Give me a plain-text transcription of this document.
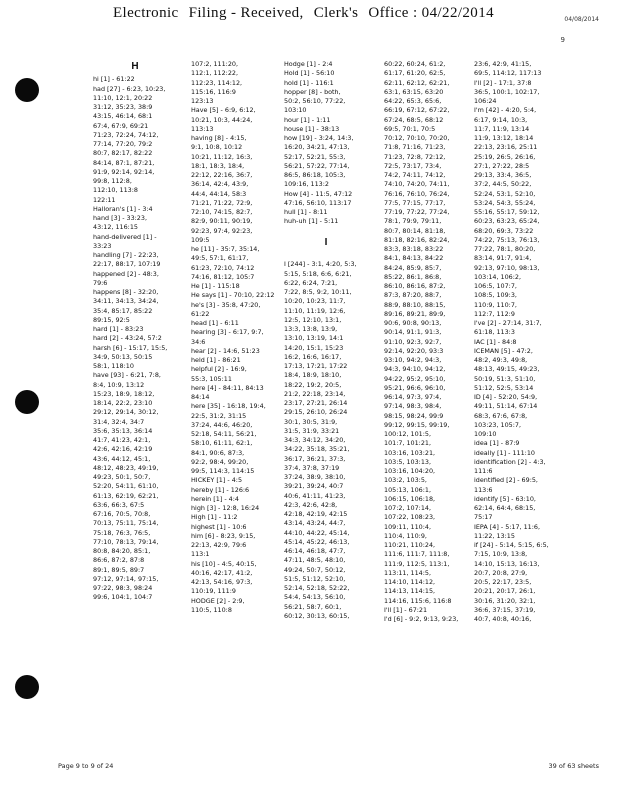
Electronic Filing - Received, Clerk's Office : 04/22/2014	04/08/2014
9
H
hi [1] - 61:22
had [27] - 6:23, 10:23,
11:10, 12:1, 20:22
31:12, 35:23, 38:9
43:15, 46:14, 68:1
67:4, 67:9, 69:21
71:23, 72:24, 74:12,
77:14, 77:20, 79:2
80:7, 82:17, 82:22
84:14, 87:1, 87:21,
91:9, 92:14, 92:14,
99:8, 112:8,
112:10, 113:8
122:11
Halloran's [1] - 3:4
hand [3] - 33:23,
43:12, 116:15
hand-delivered [1] -
33:23
handling [7] - 22:23,
22:17, 88:17, 107:19
happened [2] - 48:3,
79:6
happens [8] - 32:20,
34:11, 34:13, 34:24,
35:4, 85:17, 85:22
89:15, 92:5
hard [1] - 83:23
hard [2] - 43:24, 57:2
harsh [6] - 15:17, 15:5,
34:9, 50:13, 50:15
58:1, 118:10
have [93] - 6:21, 7:8,
8:4, 10:9, 13:12
15:23, 18:9, 18:12,
18:14, 22:2, 23:10
29:12, 29:14, 30:12,
31:4, 32:4, 34:7
35:6, 35:13, 36:14
41:7, 41:23, 42:1,
42:6, 42:16, 42:19
43:6, 44:12, 45:1,
48:12, 48:23, 49:19,
49:23, 50:1, 50:7,
52:20, 54:11, 61:10,
61:13, 62:19, 62:21,
63:6, 66:3, 67:5
67:16, 70:5, 70:8,
70:13, 75:11, 75:14,
75:18, 76:3, 76:5,
77:10, 78:13, 79:14,
80:8, 84:20, 85:1,
86:6, 87:2, 87:8
89:1, 89:5, 89:7
97:12, 97:14, 97:15,
97:22, 98:3, 98:24
99:6, 104:1, 104:7
107:2, 111:20,
112:1, 112:22,
112:23, 114:12,
115:16, 116:9
123:13
Have [5] - 6:9, 6:12,
10:21, 10:3, 44:24,
113:13
having [8] - 4:15,
9:1, 10:8, 10:12
10:21, 11:12, 16:3,
18:1, 18:3, 18:4,
22:12, 22:16, 36:7,
36:14, 42:4, 43:9,
44:4, 44:14, 58:3
71:21, 71:22, 72:9,
72:10, 74:15, 82:7,
82:9, 90:11, 90:19,
92:23, 97:4, 92:23,
109:5
he [11] - 35:7, 35:14,
49:5, 57:1, 61:17,
61:23, 72:10, 74:12
74:16, 81:12, 105:7
He [1] - 115:18
He says [1] - 70:10, 22:12
he's [3] - 35:8, 47:20,
61:22
head [1] - 6:11
hearing [3] - 6:17, 9:7,
34:6
hear [2] - 14:6, 51:23
held [1] - 86:21
helpful [2] - 16:9,
55:3, 105:11
here [4] - 84:11, 84:13
84:14
here [35] - 16:18, 19:4,
22:5, 31:2, 31:15
37:24, 44:6, 46:20,
52:18, 54:11, 56:21,
58:10, 61:11, 62:1,
84:1, 90:6, 87:3,
92:2, 98:4, 99:20,
99:5, 114:3, 114:15
HICKEY [1] - 4:5
hereby [1] - 126:6
herein [1] - 4:4
high [3] - 12:8, 16:24
High [1] - 11:2
highest [1] - 10:6
him [6] - 8:23, 9:15,
22:13, 42:9, 79:6
113:1
his [10] - 4:5, 40:15,
40:16, 42:17, 41:2,
42:13, 54:16, 97:3,
110:19, 111:9
HODGE [2] - 2:9,
110:5, 110:8
Hodge [1] - 2:4
Hold [1] - 56:10
hold [1] - 116:1
hopper [8] - both,
50:2, 56:10, 77:22,
103:10
hour [1] - 1:11
house [1] - 38:13
how [19] - 3:24, 14:3,
16:20, 34:21, 47:13,
52:17, 52:21, 55:3,
56:21, 57:22, 77:14,
86:5, 86:18, 105:3,
109:16, 113:2
How [4] - 11:5, 47:12
47:16, 56:10, 113:17
hull [1] - 8:11
huh-uh [1] - 5:11

I

I [244] - 3:1, 4:20, 5:3,
5:15, 5:18, 6:6, 6:21,
6:22, 6:24, 7:21,
7:22, 8:5, 9:2, 10:11,
10:20, 10:23, 11:7,
11:10, 11:19, 12:6,
12:5, 12:10, 13:1,
13:3, 13:8, 13:9,
13:10, 13:19, 14:1
14:20, 15:1, 15:23
16:2, 16:6, 16:17,
17:13, 17:21, 17:22
18:4, 18:9, 18:10,
18:22, 19:2, 20:5,
21:2, 22:18, 23:14,
23:17, 27:21, 26:14
29:15, 26:10, 26:24
30:1, 30:5, 31:9,
31:5, 31:9, 33:21
34:3, 34:12, 34:20,
34:22, 35:18, 35:21,
36:17, 36:21, 37:3,
37:4, 37:8, 37:19
37:24, 38:9, 38:10,
39:21, 39:24, 40:7
40:6, 41:11, 41:23,
42:3, 42:6, 42:8,
42:18, 42:19, 42:15
43:14, 43:24, 44:7,
44:10, 44:22, 45:14,
45:14, 45:22, 46:13,
46:14, 46:18, 47:7,
47:11, 48:5, 48:10,
49:24, 50:7, 50:12,
51:5, 51:12, 52:10,
52:14, 52:18, 52:22,
54:4, 54:13, 56:10,
56:21, 58:7, 60:1,
60:12, 30:13, 60:15,
60:22, 60:24, 61:2,
61:17, 61:20, 62:5,
62:11, 62:12, 62:21,
63:1, 63:15, 63:20
64:22, 65:3, 65:6,
66:19, 67:12, 67:22,
67:24, 68:5, 68:12
69:5, 70:1, 70:5
70:12, 70:10, 70:20,
71:8, 71:16, 71:23,
71:23, 72:8, 72:12,
72:5, 73:17, 73:4,
74:2, 74:11, 74:12,
74:10, 74:20, 74:11,
76:16, 76:10, 76:24,
77:5, 77:15, 77:17,
77:19, 77:22, 77:24,
78:1, 79:9, 79:11,
80:7, 80:14, 81:18,
81:18, 82:16, 82:24,
83:3, 83:18, 83:22
84:1, 84:13, 84:22
84:24, 85:9, 85:7,
85:22, 86:1, 86:8,
86:10, 86:16, 87:2,
87:3, 87:20, 88:7,
88:9, 88:10, 88:15,
89:16, 89:21, 89:9,
90:6, 90:8, 90:13,
90:14, 91:1, 91:3,
91:10, 92:3, 92:7,
92:14, 92:20, 93:3
93:10, 94:2, 94:3,
94:3, 94:10, 94:12,
94:22, 95:2, 95:10,
95:21, 96:6, 96:10,
96:14, 97:3, 97:4,
97:14, 98:3, 98:4,
98:15, 98:24, 99:9
99:12, 99:15, 99:19,
100:12, 101:5,
101:7, 101:21,
103:16, 103:21,
103:5, 103:13,
103:16, 104:20,
103:2, 103:5,
105:13, 106:1,
106:15, 106:18,
107:2, 107:14,
107:22, 108:23,
109:11, 110:4,
110:4, 110:9,
110:21, 110:24,
111:6, 111:7, 111:8,
111:9, 112:5, 113:1,
113:11, 114:5,
114:10, 114:12,
114:13, 114:15,
114:16, 115:6, 116:8
I'll [1] - 67:21
I'd [6] - 9:2, 9:13, 9:23,
23:6, 42:9, 41:15,
69:5, 114:12, 117:13
I'll [2] - 17:1, 37:8
36:5, 100:1, 102:17,
106:24
I'm [42] - 4:20, 5:4,
6:17, 9:14, 10:3,
11:7, 11:9, 13:14
11:9, 13:12, 18:14
22:13, 23:16, 25:11
25:19, 26:5, 26:16,
27:1, 27:22, 28:5
29:13, 33:4, 36:5,
37:2, 44:5, 50:22,
52:24, 53:1, 52:10,
53:24, 54:3, 55:24,
55:16, 55:17, 59:12,
60:23, 63:23, 65:24,
68:20, 69:3, 73:22
74:22, 75:13, 76:13,
77:22, 78:1, 80:20,
83:14, 91:7, 91:4,
92:13, 97:10, 98:13,
103:14, 106:2,
106:5, 107:7,
108:5, 109:3,
110:9, 110:7,
112:7, 112:9
I've [2] - 27:14, 31:7,
61:18, 113:3
IAC [1] - 84:8
ICEMAN [5] - 47:2,
48:2, 49:3, 49:8,
48:13, 49:15, 49:23,
50:19, 51:3, 51:10,
51:12, 52:5, 53:14
ID [4] - 52:20, 54:9,
49:11, 51:14, 67:14
68:3, 67:6, 67:8,
103:23, 105:7,
109:10
idea [1] - 87:9
ideally [1] - 111:10
identification [2] - 4:3,
111:6
identified [2] - 69:5,
113:6
identify [5] - 63:10,
62:14, 64:4, 68:15,
75:17
IEPA [4] - 5:17, 11:6,
11:22, 13:15
if [24] - 5:14, 5:15, 6:5,
7:15, 10:9, 13:8,
14:10, 15:13, 16:13,
20:7, 20:8, 27:9,
20:5, 22:17, 23:5,
20:21, 20:17, 26:1,
30:16, 31:20, 32:1,
36:6, 37:15, 37:19,
40:7, 40:8, 40:16,
Page 9 to 9 of 24	39 of 63 sheets
